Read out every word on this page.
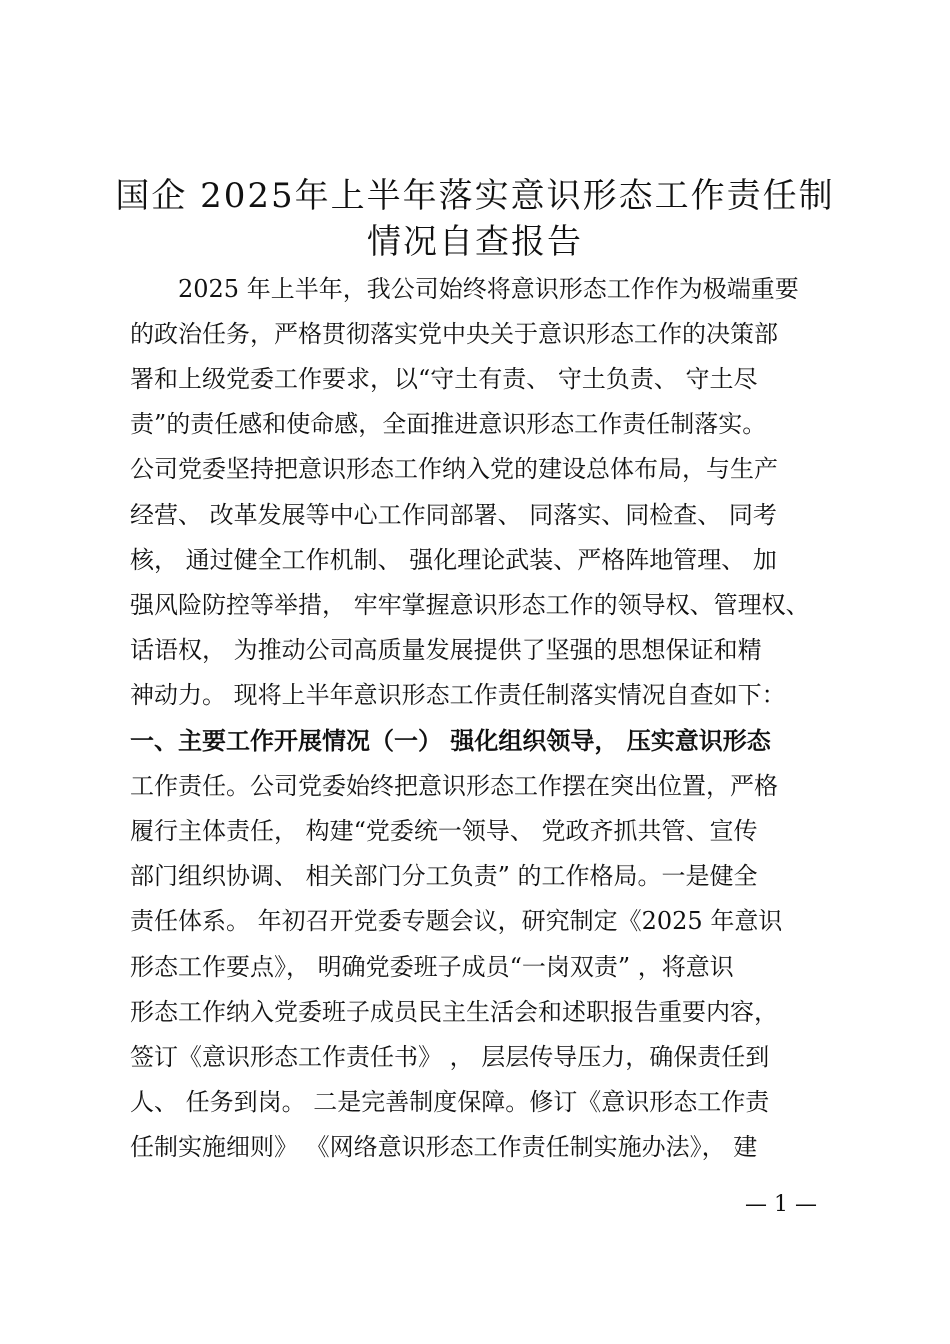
国企 2025年上半年落实意识形态工作责任制
情况自查报告
2025 年上半年，我公司始终将意识形态工作作为极端重要
的政治任务，严格贯彻落实党中央关于意识形态工作的决策部
署和上级党委工作要求，以“守土有责、 守土负责、 守土尽
责”的责任感和使命感，全面推进意识形态工作责任制落实。
公司党委坚持把意识形态工作纳入党的建设总体布局，与生产
经营、 改革发展等中心工作同部署、 同落实、同检查、 同考
核， 通过健全工作机制、 强化理论武装、严格阵地管理、 加
强风险防控等举措， 牢牢掌握意识形态工作的领导权、管理权、
话语权， 为推动公司高质量发展提供了坚强的思想保证和精
神动力。 现将上半年意识形态工作责任制落实情况自查如下：
一、主要工作开展情况（一） 强化组织领导， 压实意识形态
工作责任。公司党委始终把意识形态工作摆在突出位置，严格
履行主体责任， 构建“党委统一领导、 党政齐抓共管、宣传
部门组织协调、 相关部门分工负责” 的工作格局。一是健全
责任体系。 年初召开党委专题会议，研究制定《2025 年意识
形态工作要点》， 明确党委班子成员“一岗双责” ，将意识
形态工作纳入党委班子成员民主生活会和述职报告重要内容，
签订《意识形态工作责任书》 ， 层层传导压力，确保责任到
人、 任务到岗。 二是完善制度保障。修订《意识形态工作责
任制实施细则》 《网络意识形态工作责任制实施办法》， 建
— 1 —
